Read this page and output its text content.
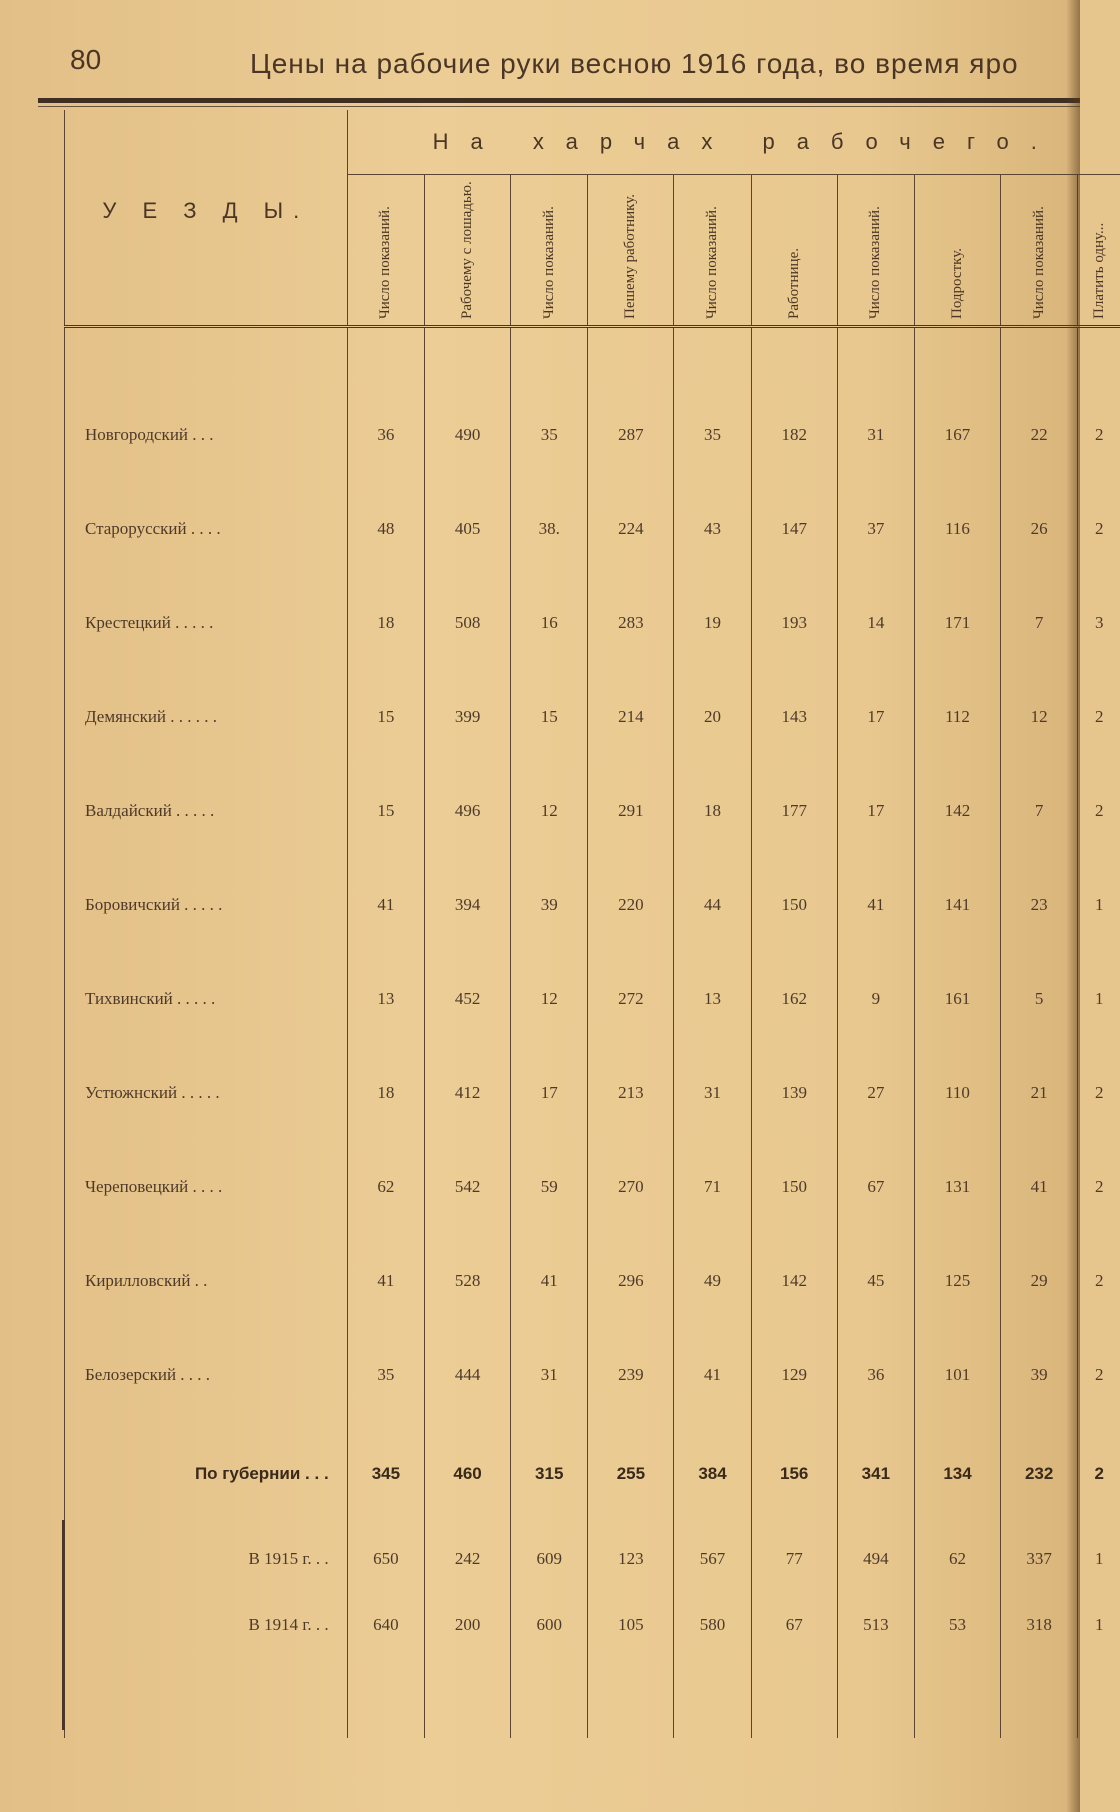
80	Цены на рабочие руки весною 1916 года, во время яро
У Е З Д Ы.	На харчах рабочего.									

	Число показаний.	Рабочему с лошадью.	Число показаний.	Пешему работнику.	Число показаний.	Работнице.	Число показаний.	Подростку.	Число показаний.	Платить одну...

Новгородский . . .	36	490	35	287	35	182	31	167	22	2
Старорусский . . . .	48	405	38.	224	43	147	37	116	26	2
Крестецкий . . . . .	18	508	16	283	19	193	14	171	7	3
Демянский . . . . . .	15	399	15	214	20	143	17	112	12	2
Валдайский . . . . .	15	496	12	291	18	177	17	142	7	2
Боровичский . . . . .	41	394	39	220	44	150	41	141	23	1
Тихвинский . . . . .	13	452	12	272	13	162	9	161	5	1
Устюжнский . . . . .	18	412	17	213	31	139	27	110	21	2
Череповецкий . . . .	62	542	59	270	71	150	67	131	41	2
Кирилловский . .	41	528	41	296	49	142	45	125	29	2
Белозерский . . . .	35	444	31	239	41	129	36	101	39	2
По губернии . . .	345	460	315	255	384	156	341	134	232	2
В 1915 г. . .	650	242	609	123	567	77	494	62	337	1
В 1914 г. . .	640	200	600	105	580	67	513	53	318	1
